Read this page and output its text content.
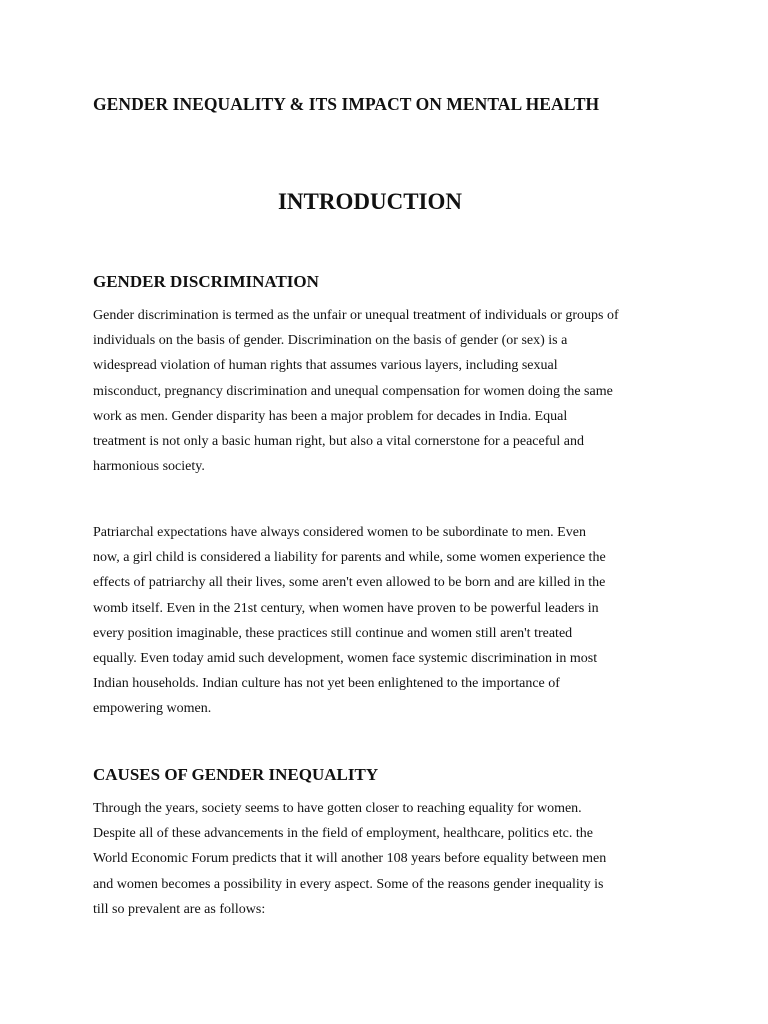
GENDER INEQUALITY & ITS IMPACT ON MENTAL HEALTH
INTRODUCTION
GENDER DISCRIMINATION

Gender discrimination is termed as the unfair or unequal treatment of individuals or groups of
individuals on the basis of gender. Discrimination on the basis of gender (or sex) is a
widespread violation of human rights that assumes various layers, including sexual
misconduct, pregnancy discrimination and unequal compensation for women doing the same
work as men. Gender disparity has been a major problem for decades in India. Equal
treatment is not only a basic human right, but also a vital cornerstone for a peaceful and
harmonious society.

Patriarchal expectations have always considered women to be subordinate to men. Even
now, a girl child is considered a liability for parents and while, some women experience the
effects of patriarchy all their lives, some aren't even allowed to be born and are killed in the
womb itself. Even in the 21st century, when women have proven to be powerful leaders in
every position imaginable, these practices still continue and women still aren't treated
equally. Even today amid such development, women face systemic discrimination in most
Indian households. Indian culture has not yet been enlightened to the importance of
empowering women.

CAUSES OF GENDER INEQUALITY

Through the years, society seems to have gotten closer to reaching equality for women.
Despite all of these advancements in the field of employment, healthcare, politics etc. the
World Economic Forum predicts that it will another 108 years before equality between men
and women becomes a possibility in every aspect. Some of the reasons gender inequality is
till so prevalent are as follows:
